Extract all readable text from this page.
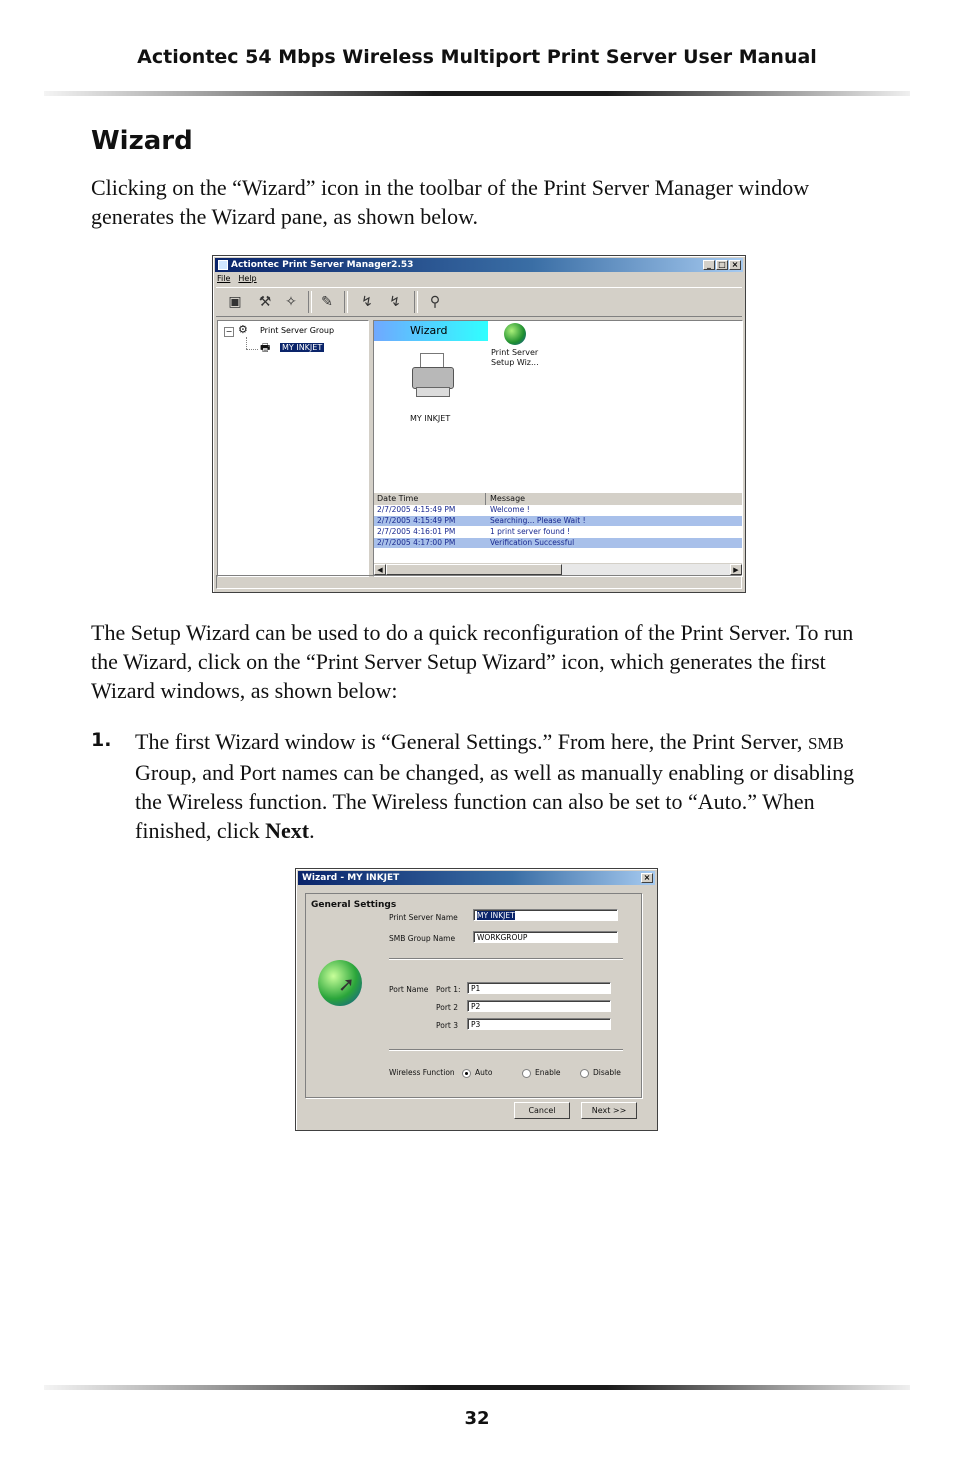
Actiontec 54 Mbps Wireless Multiport Print Server User Manual
Wizard

Clicking on the “Wizard” icon in the toolbar of the Print Server Manager window generates the Wizard pane, as shown below.

Actiontec Print Server Manager2.53	_ □ ×
File Help
▣	⚒ ✧	✎	↯	↯	⚲
− ⚙	Print Server Group
🖶	MY INKJET
Wizard
Print Server Setup Wiz...
MY INKJET
Date Time	Message
2/7/2005 4:15:49 PM	Welcome !
2/7/2005 4:15:49 PM	Searching... Please Wait !
2/7/2005 4:16:01 PM	1 print server found !
2/7/2005 4:17:00 PM	Verification Successful
◀	▶

The Setup Wizard can be used to do a quick reconfiguration of the Print Server. To run the Wizard, click on the “Print Server Setup Wizard” icon, which generates the first Wizard windows, as shown below:

1. The first Wizard window is “General Settings.” From here, the Print Server, SMB Group, and Port names can be changed, as well as manually enabling or disabling the Wireless function. The Wireless function can also be set to “Auto.” When finished, click Next.

Wizard - MY INKJET	×
General Settings
➚
Print Server Name	MY INKJET
SMB Group Name	WORKGROUP
Port Name Port 1:	P1
Port 2	P2
Port 3	P3
Wireless Function	Auto	Enable	Disable
Cancel	Next >>
32
